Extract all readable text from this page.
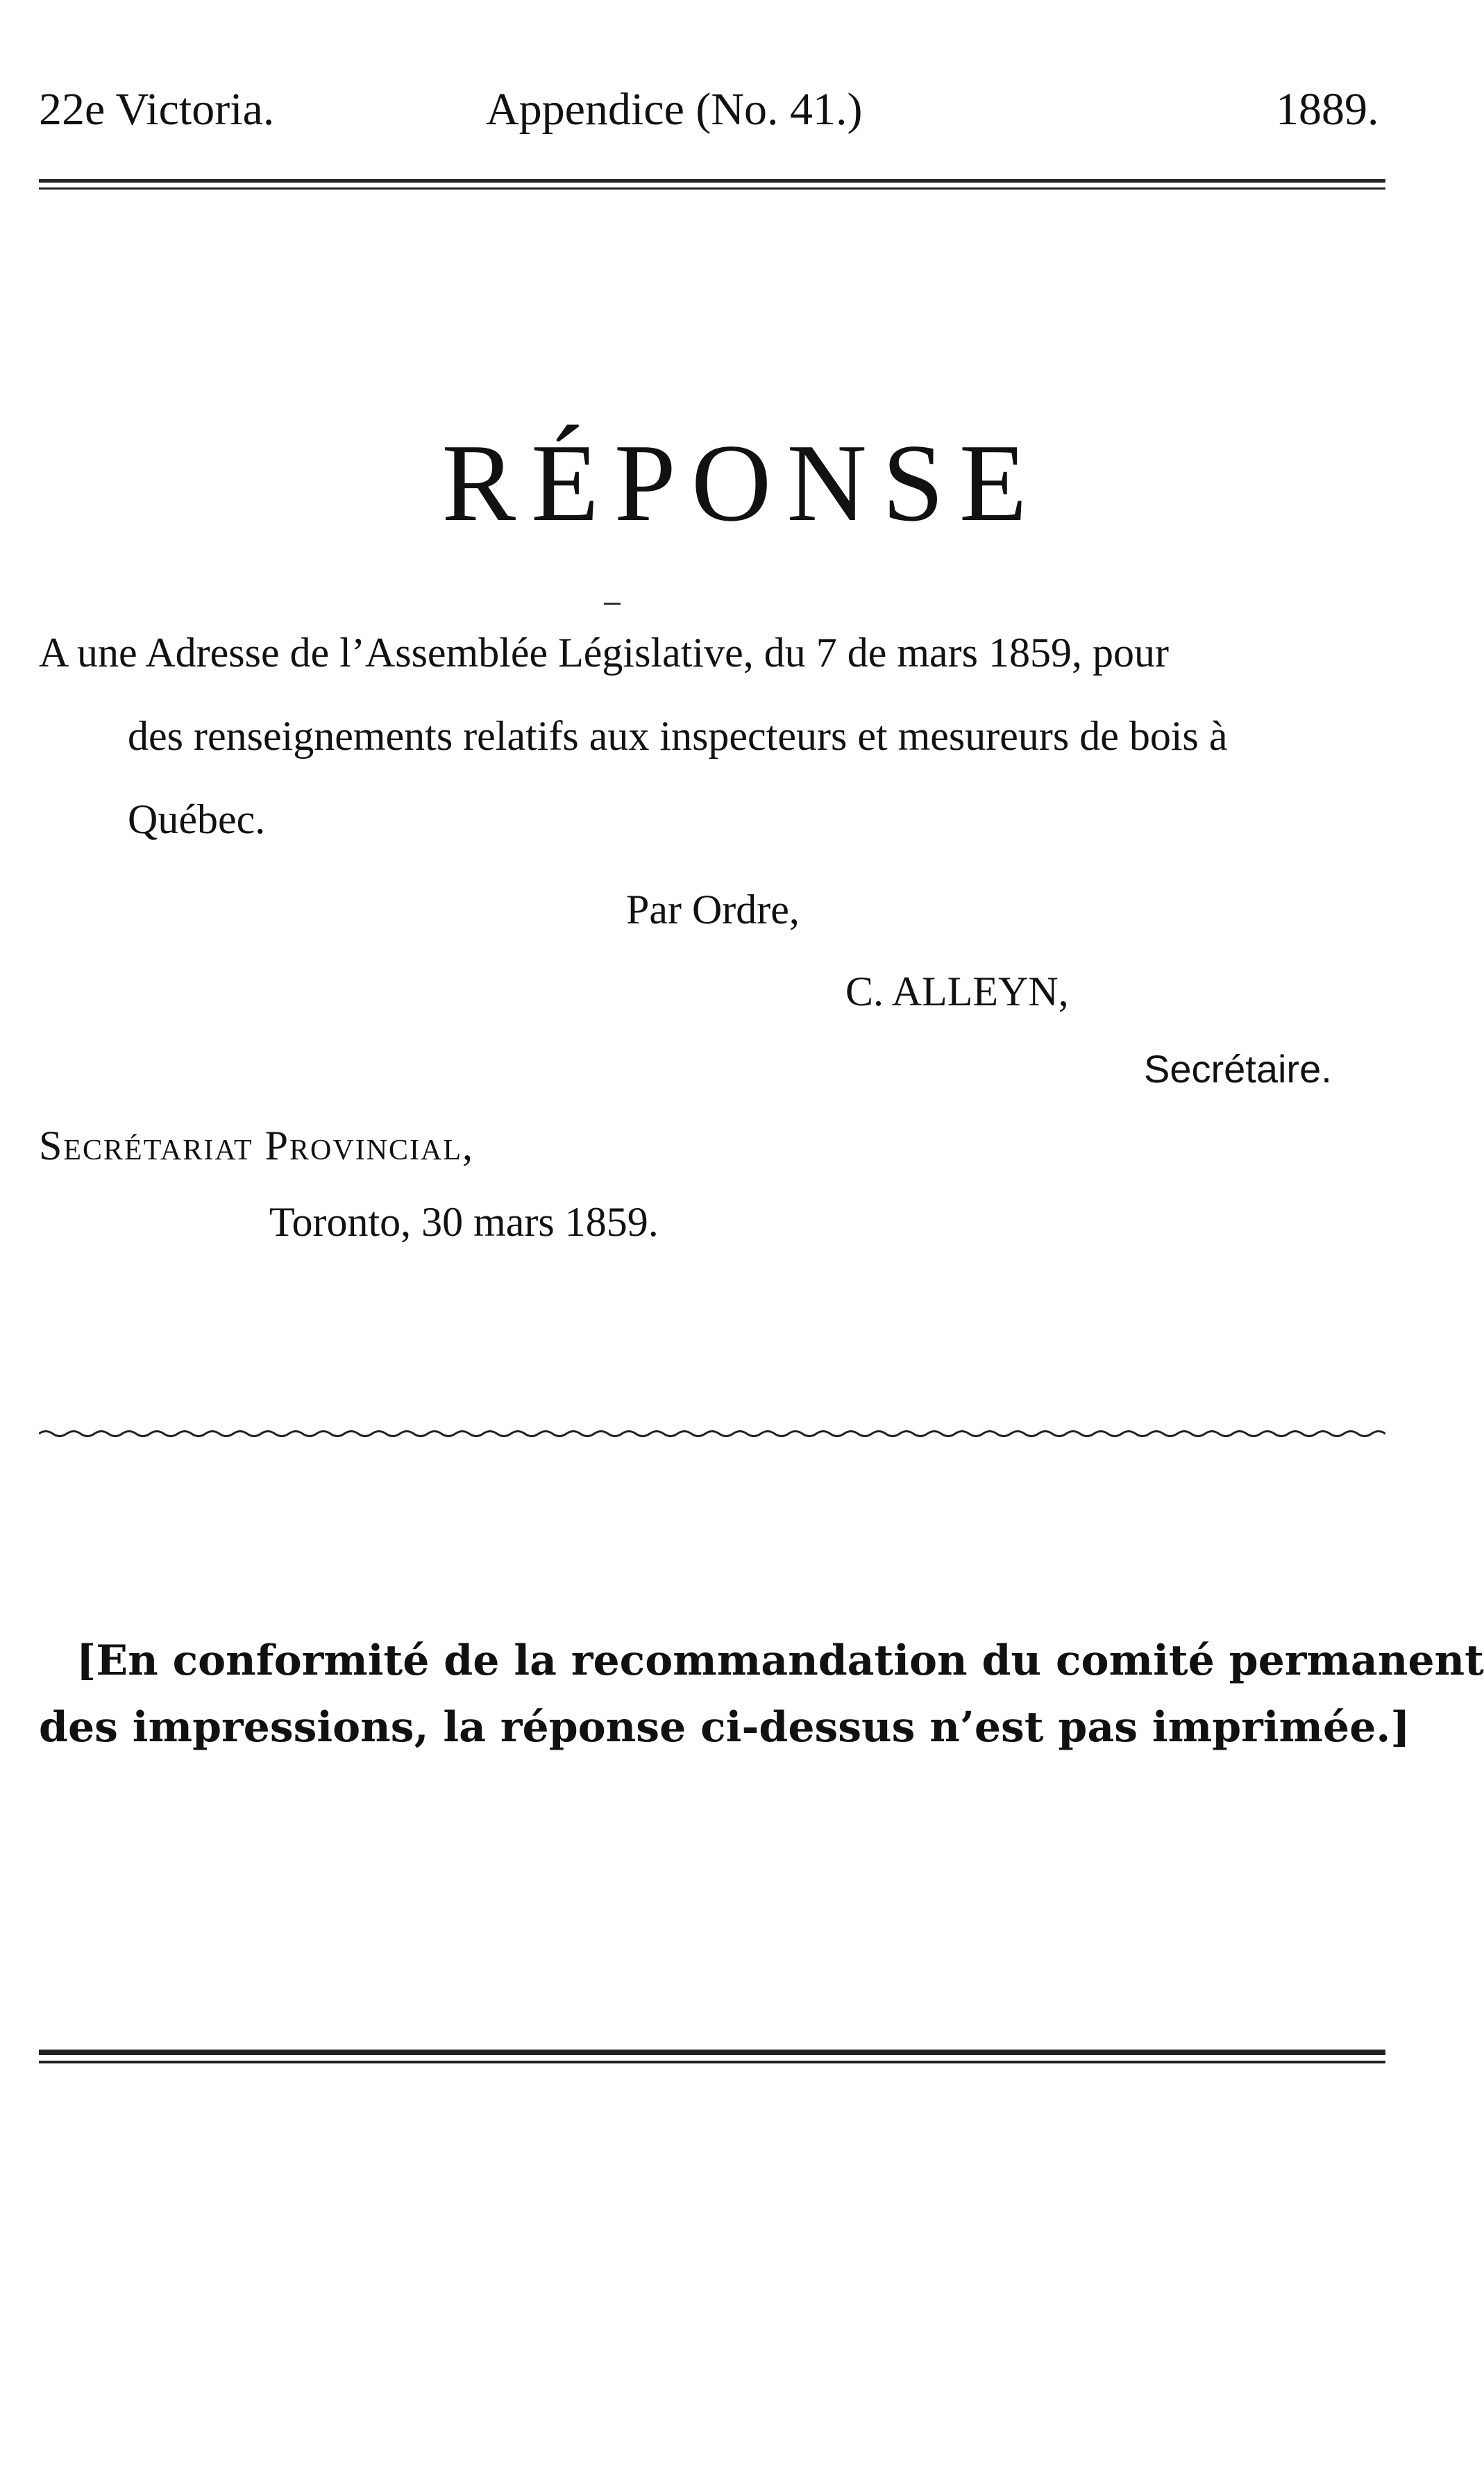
22e Victoria.	Appendice (No. 41.)	1889.
RÉPONSE
A une Adresse de l’Assemblée Législative, du 7 de mars 1859, pour
des renseignements relatifs aux inspecteurs et mesureurs de bois à
Québec.
Par Ordre,
C. ALLEYN,
Secrétaire.
Secrétariat Provincial,
Toronto, 30 mars 1859.
[En conformité de la recommandation du comité permanent
des impressions, la réponse ci-dessus n’est pas imprimée.]
